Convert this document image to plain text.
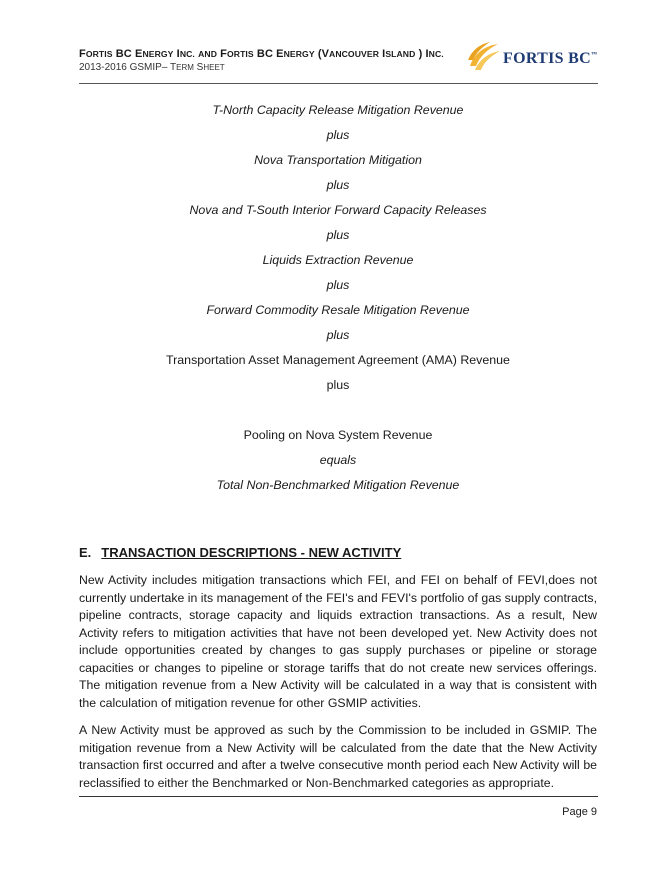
FORTIS BC ENERGY INC. AND FORTIS BC ENERGY (VANCOUVER ISLAND ) INC.
2013-2016 GSMIP– TERM SHEET
FORTIS BC™
T-North Capacity Release Mitigation Revenue
plus
Nova Transportation Mitigation
plus
Nova and T-South Interior Forward Capacity Releases
plus
Liquids Extraction Revenue
plus
Forward Commodity Resale Mitigation Revenue
plus
Transportation Asset Management Agreement (AMA) Revenue
plus
Pooling on Nova System Revenue
equals
Total Non-Benchmarked Mitigation Revenue
E. TRANSACTION DESCRIPTIONS - NEW ACTIVITY

New Activity includes mitigation transactions which FEI, and FEI on behalf of FEVI,does not currently undertake in its management of the FEI's and FEVI's portfolio of gas supply contracts, pipeline contracts, storage capacity and liquids extraction transactions. As a result, New Activity refers to mitigation activities that have not been developed yet. New Activity does not include opportunities created by changes to gas supply purchases or pipeline or storage capacities or changes to pipeline or storage tariffs that do not create new services offerings. The mitigation revenue from a New Activity will be calculated in a way that is consistent with the calculation of mitigation revenue for other GSMIP activities.

A New Activity must be approved as such by the Commission to be included in GSMIP. The mitigation revenue from a New Activity will be calculated from the date that the New Activity transaction first occurred and after a twelve consecutive month period each New Activity will be reclassified to either the Benchmarked or Non-Benchmarked categories as appropriate.

Page 9
